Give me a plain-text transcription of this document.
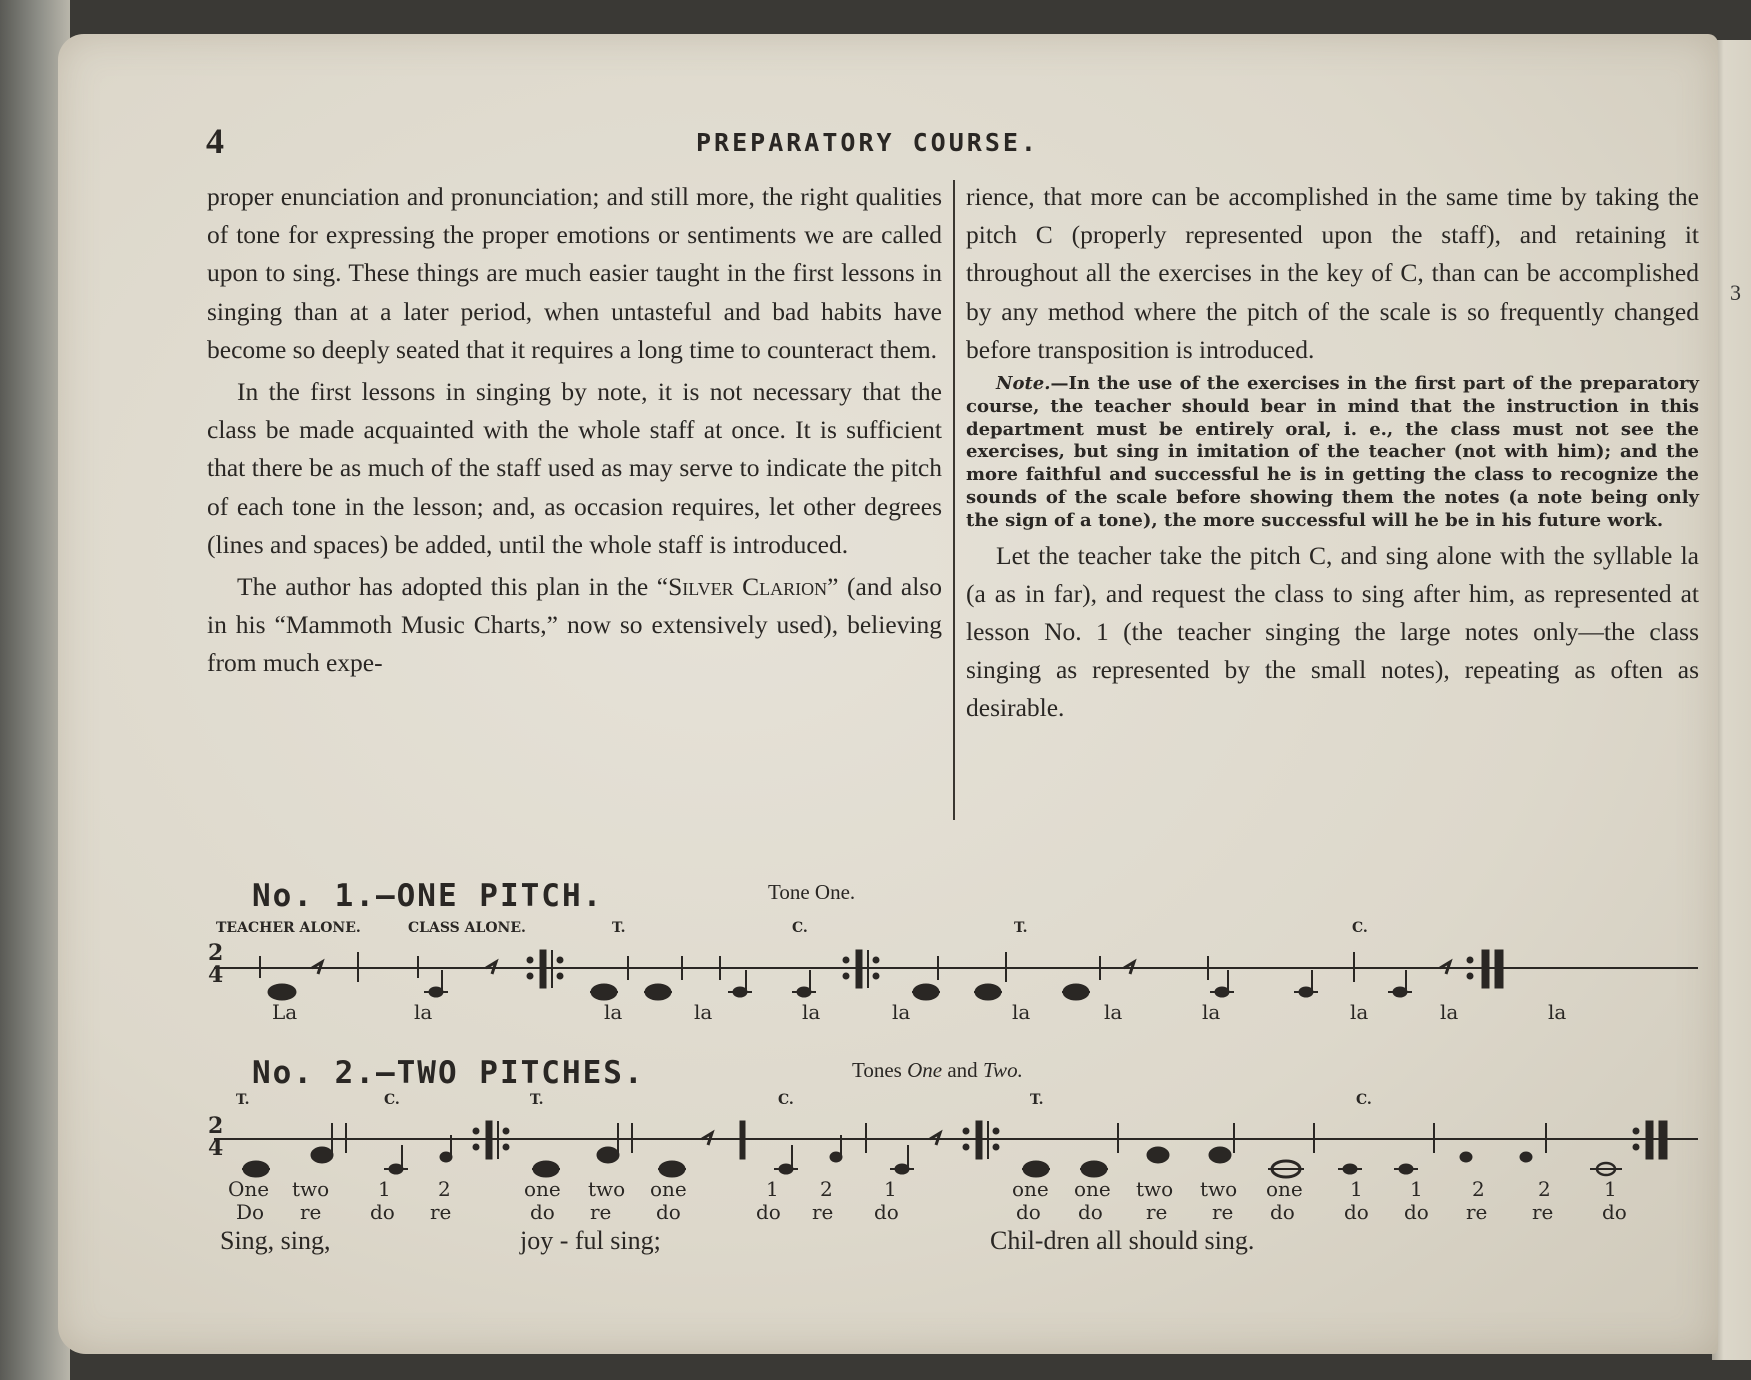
3
4	PREPARATORY COURSE.

proper enunciation and pronunciation; and still more, the right qualities of tone for expressing the proper emotions or sentiments we are called upon to sing. These things are much easier taught in the first lessons in singing than at a later period, when untasteful and bad habits have become so deeply seated that it requires a long time to counteract them.

In the first lessons in singing by note, it is not necessary that the class be made acquainted with the whole staff at once. It is sufficient that there be as much of the staff used as may serve to indicate the pitch of each tone in the lesson; and, as occasion requires, let other degrees (lines and spaces) be added, until the whole staff is introduced.

The author has adopted this plan in the “Silver Clarion” (and also in his “Mammoth Music Charts,” now so extensively used), believing from much expe-

rience, that more can be accomplished in the same time by taking the pitch C (properly represented upon the staff), and retaining it throughout all the exercises in the key of C, than can be accomplished by any method where the pitch of the scale is so frequently changed before transposition is introduced.

Note.—In the use of the exercises in the first part of the preparatory course, the teacher should bear in mind that the instruction in this department must be entirely oral, i. e., the class must not see the exercises, but sing in imitation of the teacher (not with him); and the more faithful and successful he is in getting the class to recognize the sounds of the scale before showing them the notes (a note being only the sign of a tone), the more successful will he be in his future work.

Let the teacher take the pitch C, and sing alone with the syllable la (a as in far), and request the class to sing after him, as represented at lesson No. 1 (the teacher singing the large notes only—the class singing as represented by the small notes), repeating as often as desirable.

No. 1.—ONE PITCH.	Tone One.
TEACHER ALONE.	CLASS ALONE.	T.	C.	T.	C.
2
4
La	la	la	la	la	la	la	la	la	la	la	la
No. 2.—TWO PITCHES.	Tones One and Two.
T.	C.	T.	C.	T.	C.
2
4
One two 1 2	one two one	1 2	1	one one two two one 1 1 2	2	1
Do re do re	do re do	do re do	do do re re do do do re re do
Sing, sing,	joy - ful sing;	Chil-dren all should sing.
